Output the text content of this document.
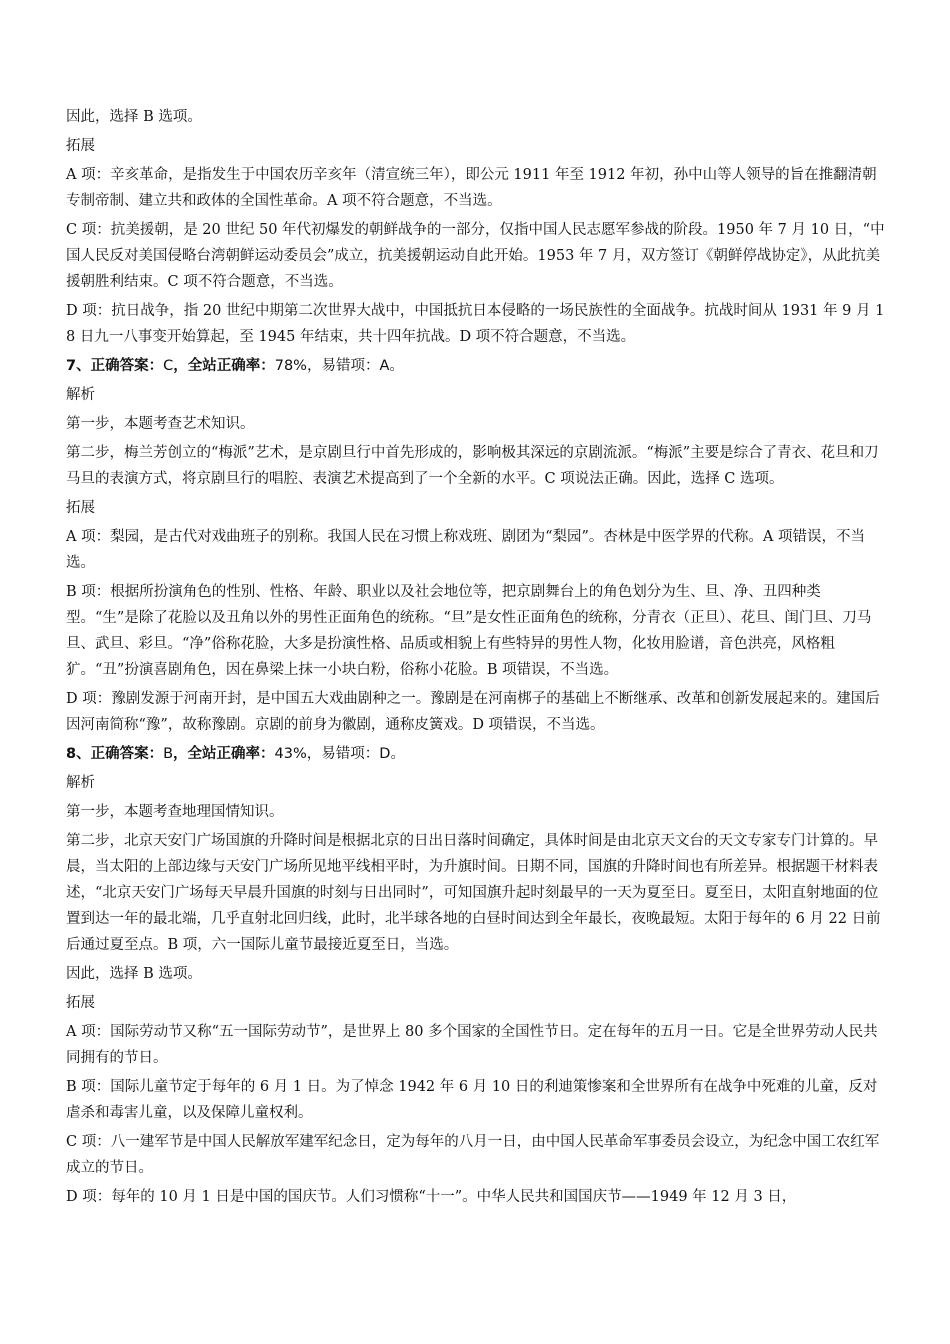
因此，选择 B 选项。

拓展

A 项：辛亥革命，是指发生于中国农历辛亥年（清宣统三年），即公元 1911 年至 1912 年初，孙中山等人领导的旨在推翻清朝专制帝制、建立共和政体的全国性革命。A 项不符合题意，不当选。

C 项：抗美援朝，是 20 世纪 50 年代初爆发的朝鲜战争的一部分，仅指中国人民志愿军参战的阶段。1950 年 7 月 10 日，“中国人民反对美国侵略台湾朝鲜运动委员会”成立，抗美援朝运动自此开始。1953 年 7 月，双方签订《朝鲜停战协定》，从此抗美援朝胜利结束。C 项不符合题意，不当选。

D 项：抗日战争，指 20 世纪中期第二次世界大战中，中国抵抗日本侵略的一场民族性的全面战争。抗战时间从 1931 年 9 月 18 日九一八事变开始算起，至 1945 年结束，共十四年抗战。D 项不符合题意，不当选。

7、正确答案：C，全站正确率：78%，易错项：A。

解析

第一步，本题考查艺术知识。

第二步，梅兰芳创立的“梅派”艺术，是京剧旦行中首先形成的，影响极其深远的京剧流派。“梅派”主要是综合了青衣、花旦和刀马旦的表演方式，将京剧旦行的唱腔、表演艺术提高到了一个全新的水平。C 项说法正确。因此，选择 C 选项。

拓展

A 项：梨园，是古代对戏曲班子的别称。我国人民在习惯上称戏班、剧团为“梨园”。杏林是中医学界的代称。A 项错误，不当选。

B 项：根据所扮演角色的性别、性格、年龄、职业以及社会地位等，把京剧舞台上的角色划分为生、旦、净、丑四种类型。“生”是除了花脸以及丑角以外的男性正面角色的统称。“旦”是女性正面角色的统称，分青衣（正旦）、花旦、闺门旦、刀马旦、武旦、彩旦。“净”俗称花脸，大多是扮演性格、品质或相貌上有些特异的男性人物，化妆用脸谱，音色洪亮，风格粗犷。“丑”扮演喜剧角色，因在鼻梁上抹一小块白粉，俗称小花脸。B 项错误，不当选。

D 项：豫剧发源于河南开封，是中国五大戏曲剧种之一。豫剧是在河南梆子的基础上不断继承、改革和创新发展起来的。建国后因河南简称“豫”，故称豫剧。京剧的前身为徽剧，通称皮簧戏。D 项错误，不当选。

8、正确答案：B，全站正确率：43%，易错项：D。

解析

第一步，本题考查地理国情知识。

第二步，北京天安门广场国旗的升降时间是根据北京的日出日落时间确定，具体时间是由北京天文台的天文专家专门计算的。早晨，当太阳的上部边缘与天安门广场所见地平线相平时，为升旗时间。日期不同，国旗的升降时间也有所差异。根据题干材料表述，“北京天安门广场每天早晨升国旗的时刻与日出同时”，可知国旗升起时刻最早的一天为夏至日。夏至日，太阳直射地面的位置到达一年的最北端，几乎直射北回归线，此时，北半球各地的白昼时间达到全年最长，夜晚最短。太阳于每年的 6 月 22 日前后通过夏至点。B 项，六一国际儿童节最接近夏至日，当选。

因此，选择 B 选项。

拓展

A 项：国际劳动节又称“五一国际劳动节”，是世界上 80 多个国家的全国性节日。定在每年的五月一日。它是全世界劳动人民共同拥有的节日。

B 项：国际儿童节定于每年的 6 月 1 日。为了悼念 1942 年 6 月 10 日的利迪策惨案和全世界所有在战争中死难的儿童，反对虐杀和毒害儿童，以及保障儿童权利。

C 项：八一建军节是中国人民解放军建军纪念日，定为每年的八月一日，由中国人民革命军事委员会设立，为纪念中国工农红军成立的节日。

D 项：每年的 10 月 1 日是中国的国庆节。人们习惯称“十一”。中华人民共和国国庆节——1949 年 12 月 3 日，
